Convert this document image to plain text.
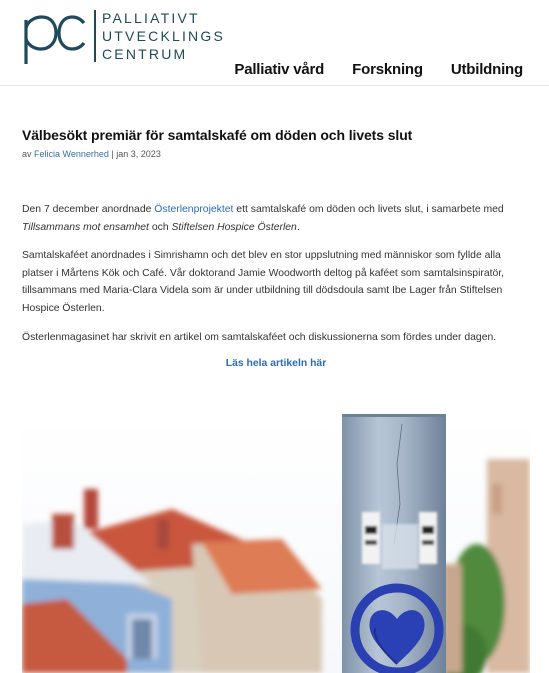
PALLIATIVT
UTVECKLINGS
CENTRUM
Palliativ vård Forskning Utbildning
Välbesökt premiär för samtalskafé om döden och livets slut
av Felicia Wennerhed | jan 3, 2023

Den 7 december anordnade Österlenprojektet ett samtalskafé om döden och livets slut, i samarbete med Tillsammans mot ensamhet och Stiftelsen Hospice Österlen.

Samtalskaféet anordnades i Simrishamn och det blev en stor uppslutning med människor som fyllde alla platser i Mårtens Kök och Café. Vår doktorand Jamie Woodworth deltog på kaféet som samtalsinspiratör, tillsammans med Maria-Clara Videla som är under utbildning till dödsdoula samt Ibe Lager från Stiftelsen Hospice Österlen.

Österlenmagasinet har skrivit en artikel om samtalskaféet och diskussionerna som fördes under dagen.

Läs hela artikeln här
